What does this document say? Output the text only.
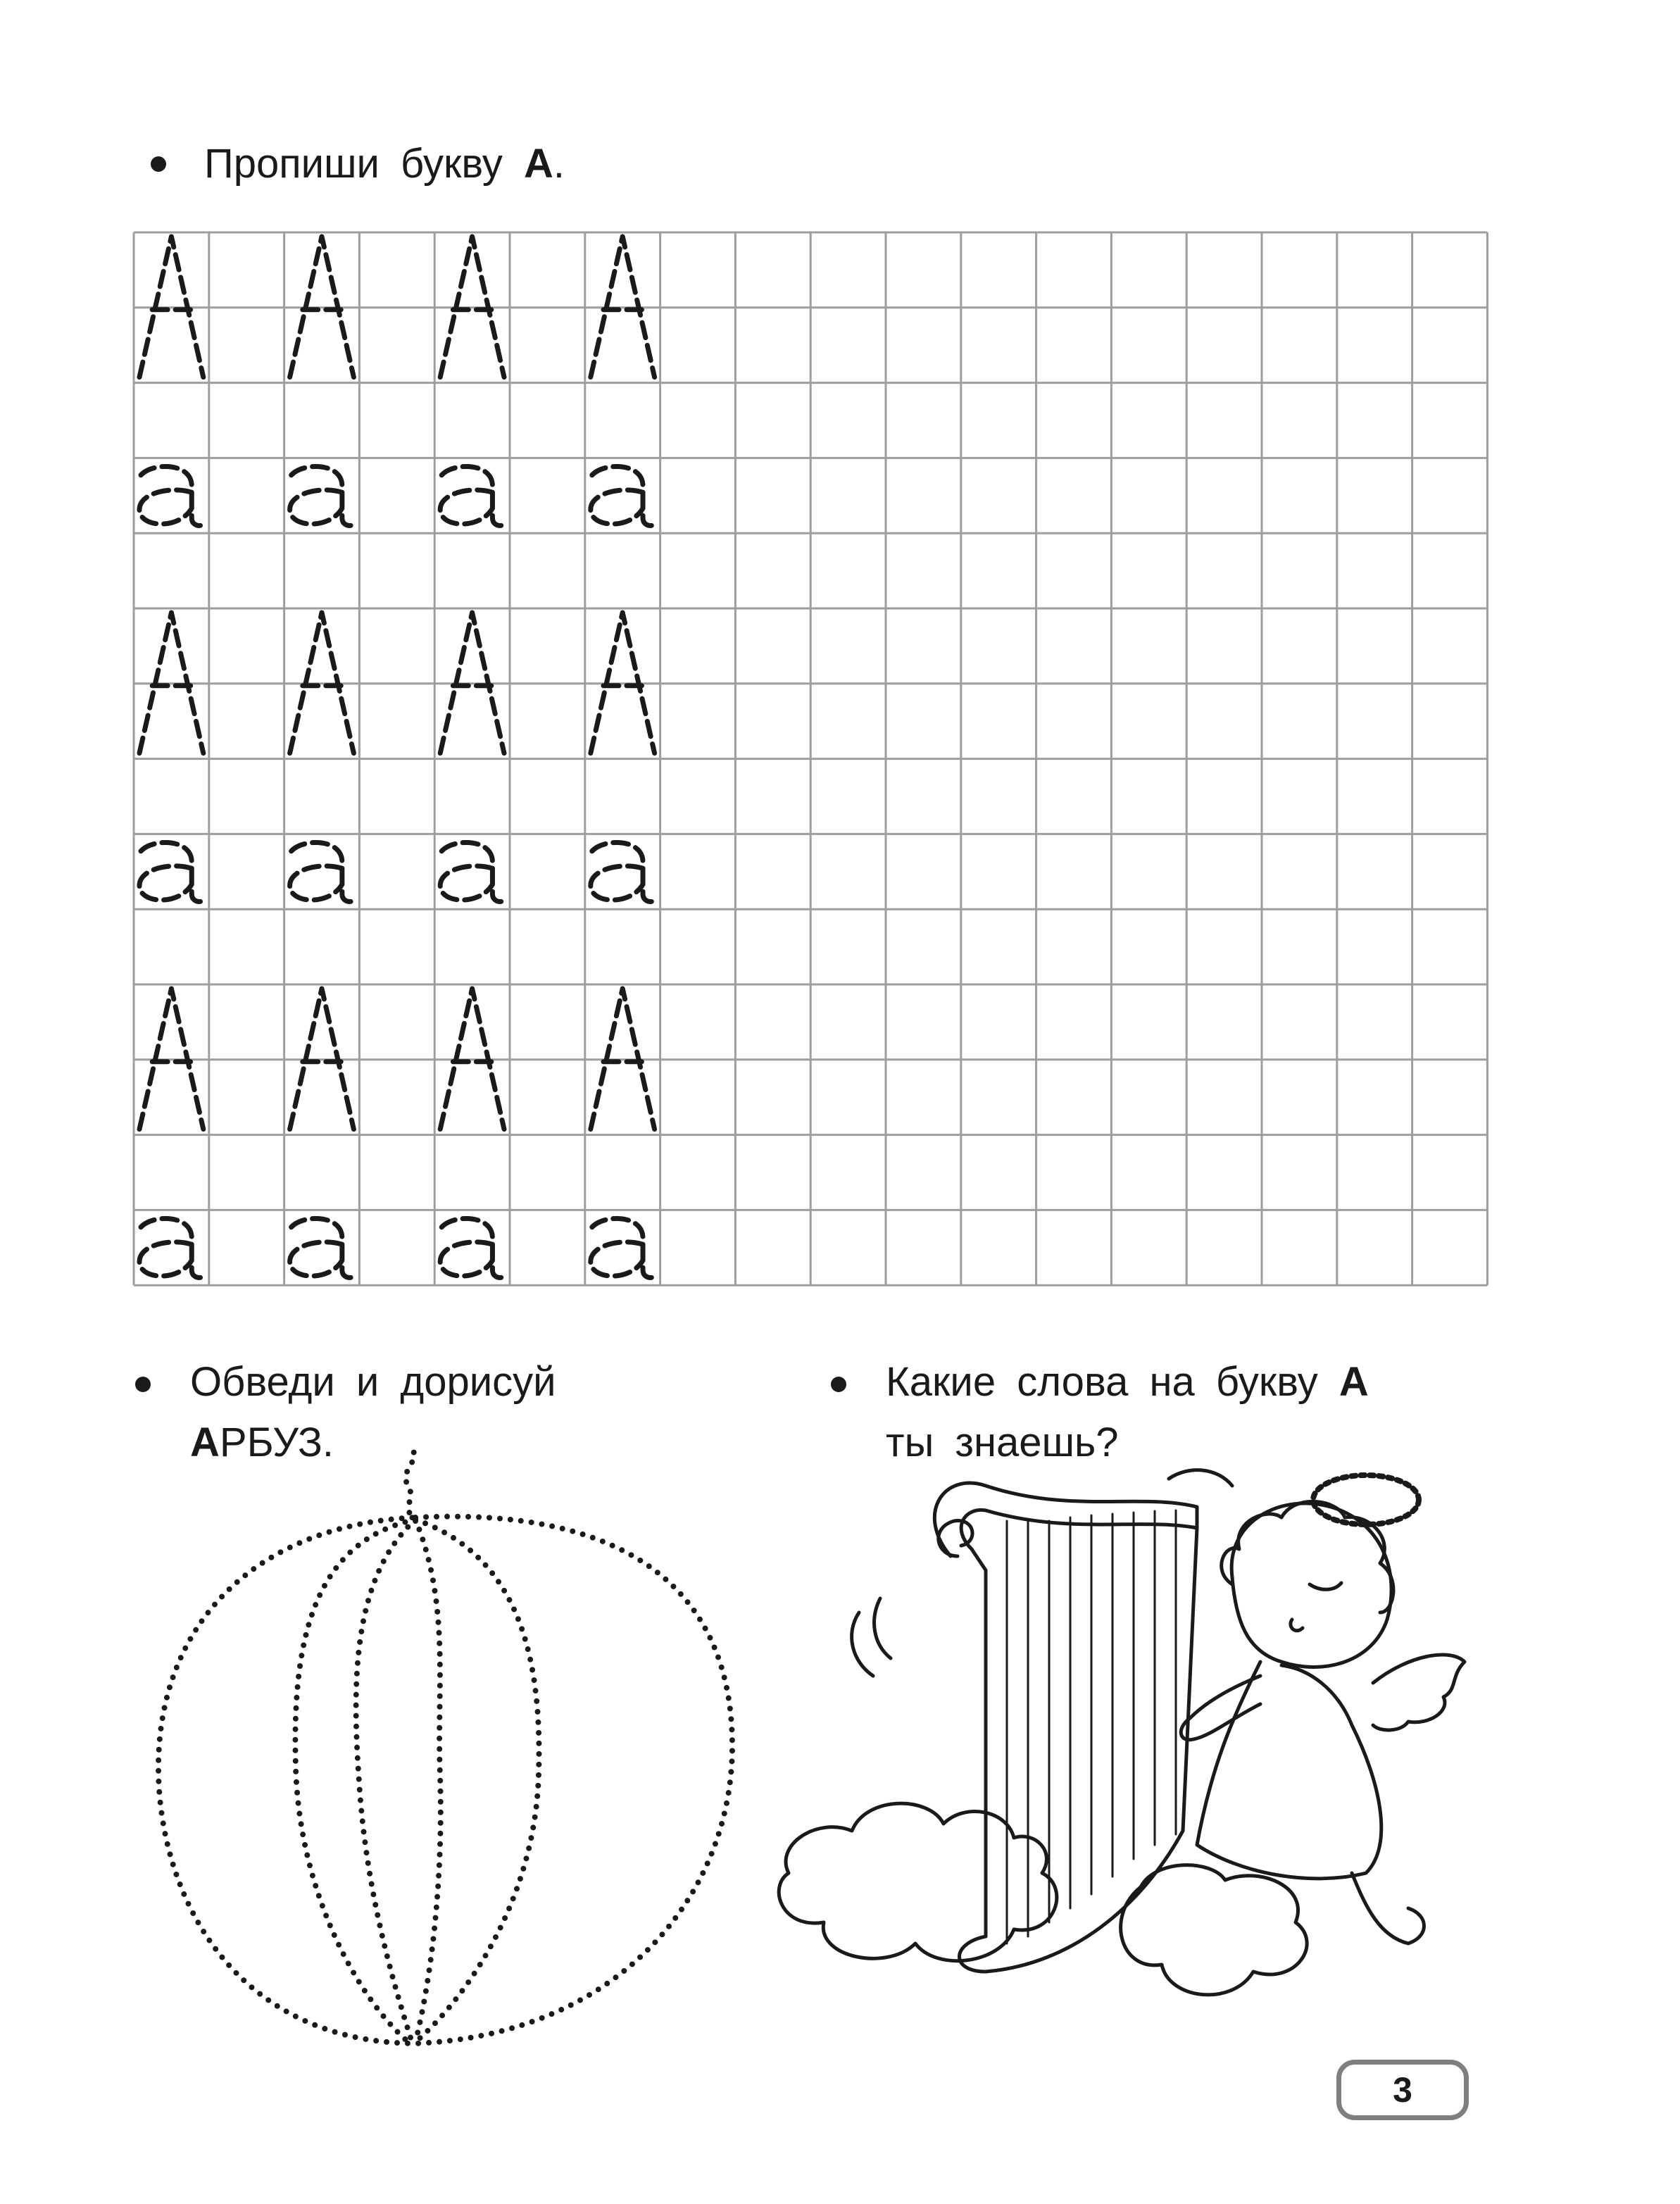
Пропиши букву А.

Обведи и дорисуй
АРБУЗ.

Какие слова на букву А
ты знаешь?

3
